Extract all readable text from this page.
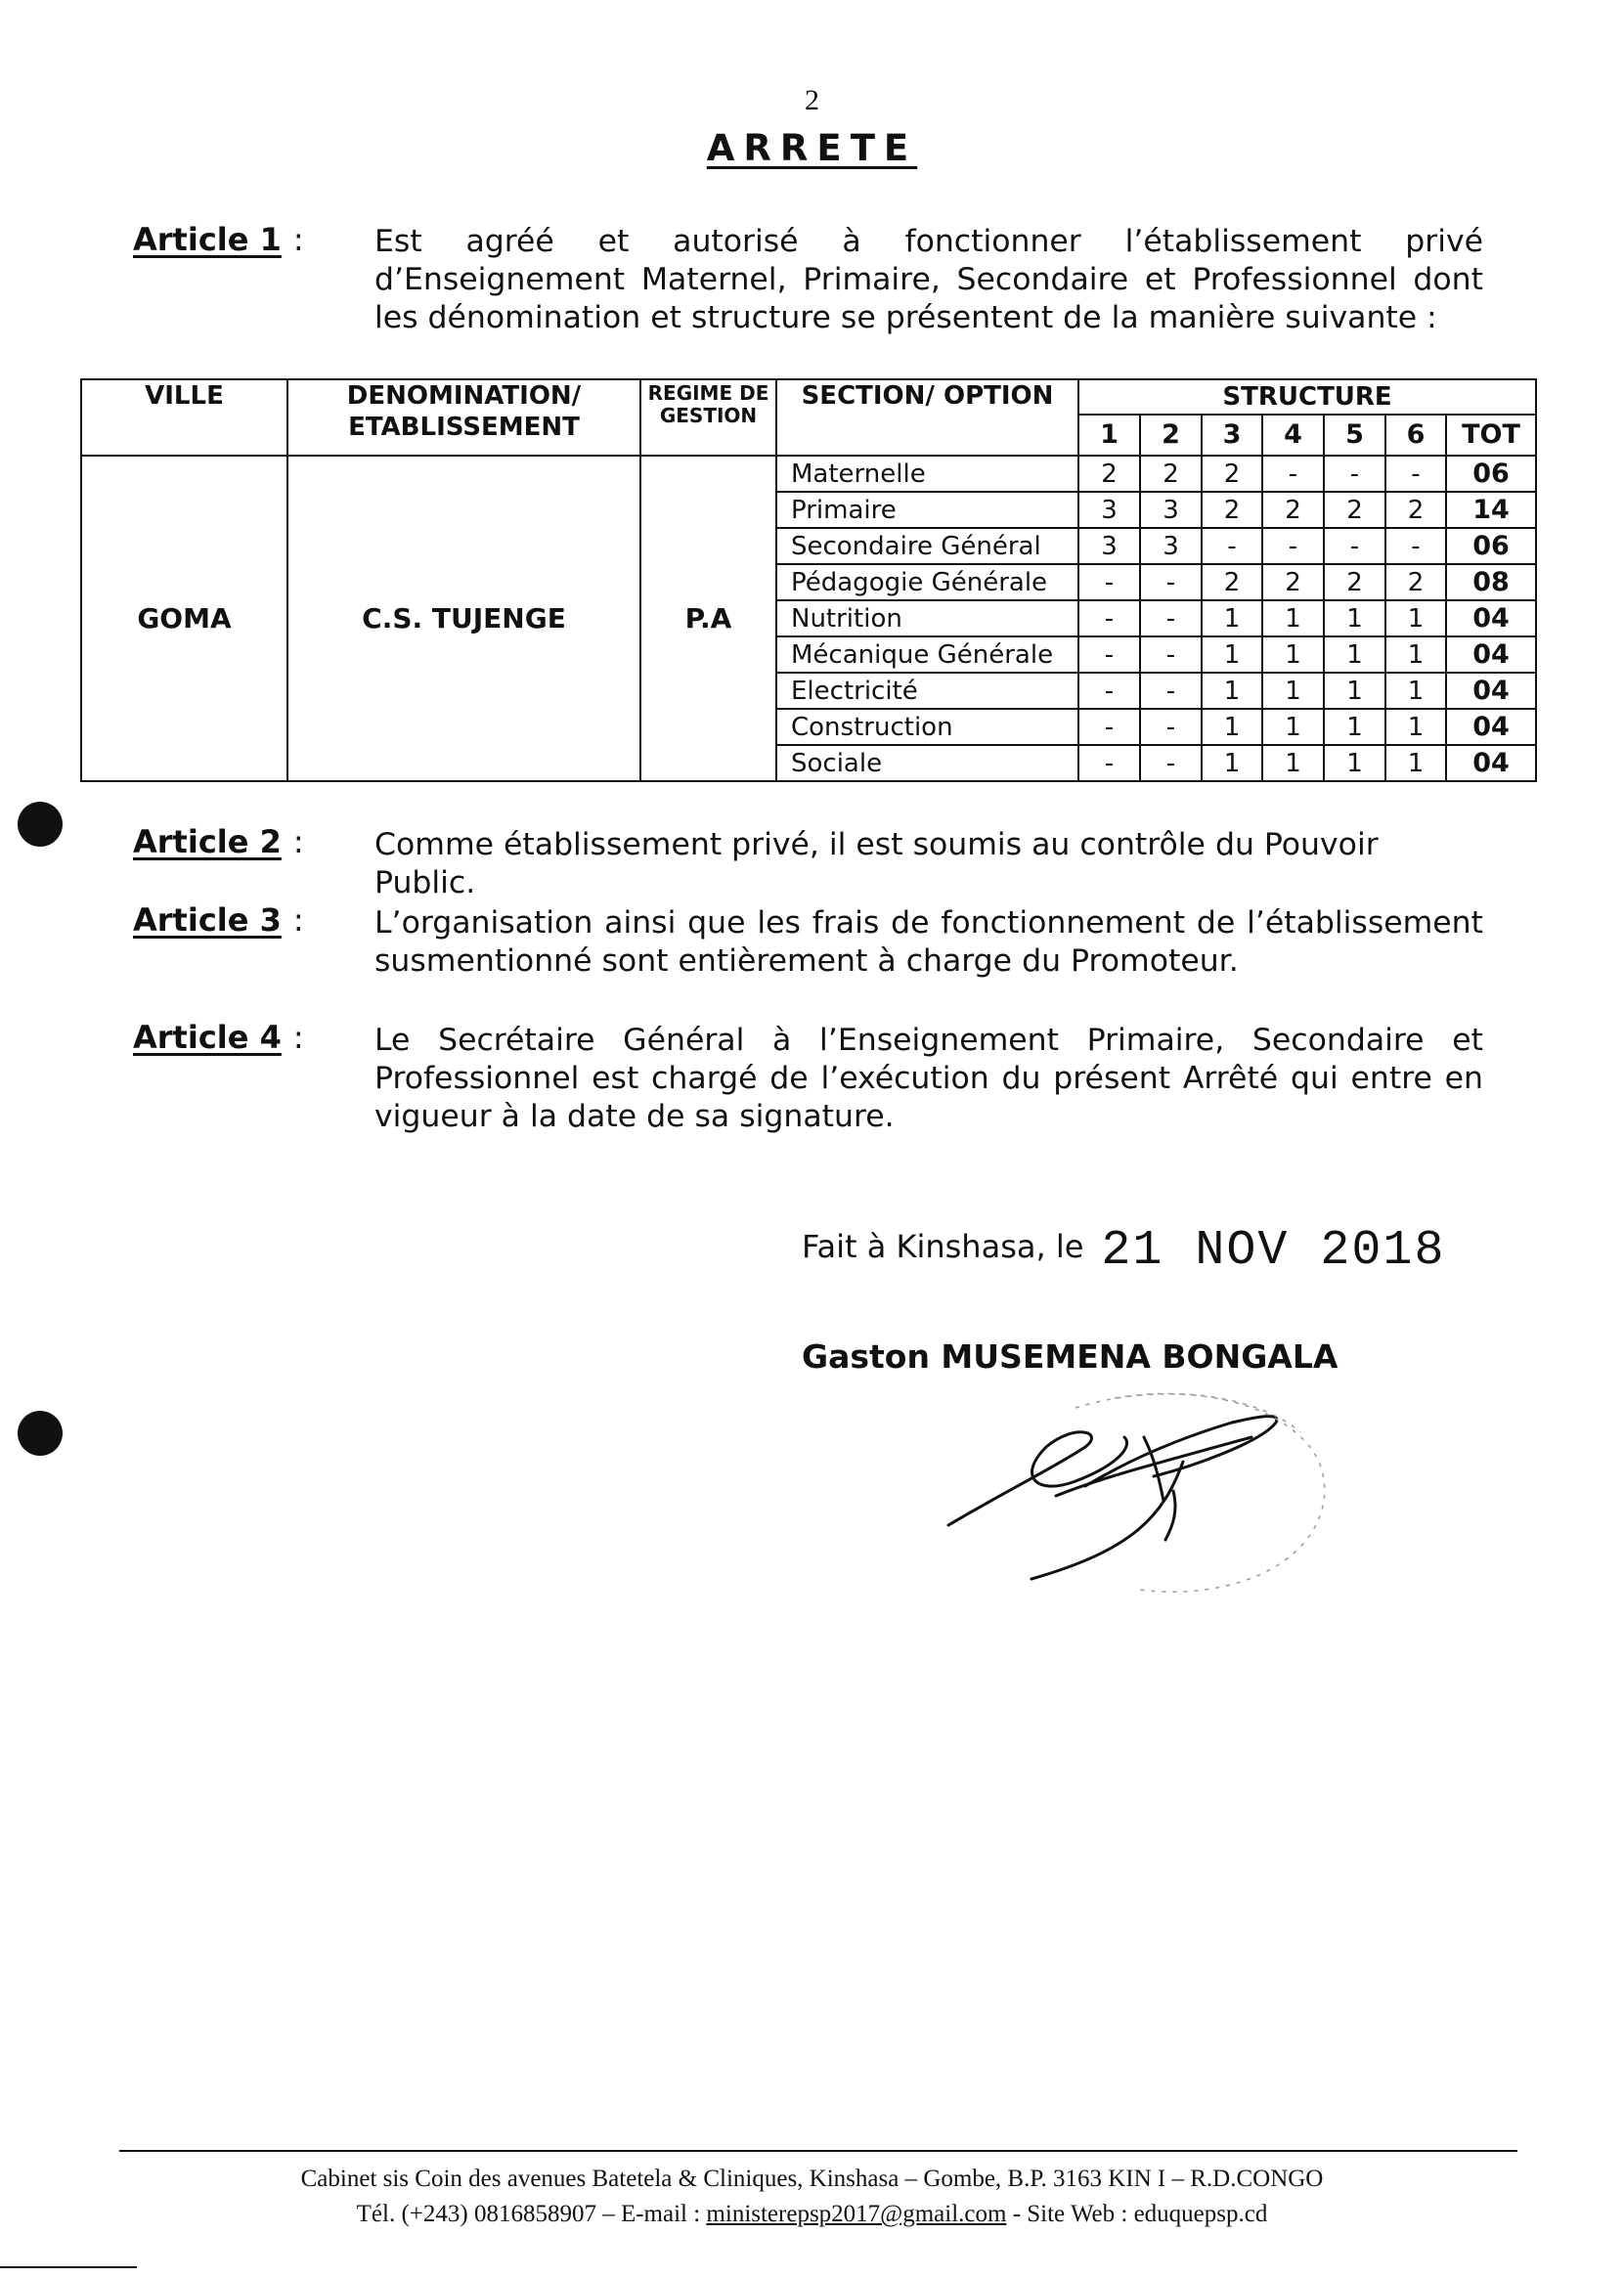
2
ARRETE
Article 1 : Est agréé et autorisé à fonctionner l’établissement privé d’Enseignement Maternel, Primaire, Secondaire et Professionnel dont les dénomination et structure se présentent de la manière suivante :
VILLE	DENOMINATION/ ETABLISSEMENT	REGIME DE GESTION	SECTION/ OPTION	STRUCTURE						
				1	2	3	4	5	6	TOT
GOMA	C.S. TUJENGE	P.A	Maternelle	2	2	2	-	-	-	06
			Primaire	3	3	2	2	2	2	14
			Secondaire Général	3	3	-	-	-	-	06
			Pédagogie Générale	-	-	2	2	2	2	08
			Nutrition	-	-	1	1	1	1	04
			Mécanique Générale	-	-	1	1	1	1	04
			Electricité	-	-	1	1	1	1	04
			Construction	-	-	1	1	1	1	04
			Sociale	-	-	1	1	1	1	04
Article 2 : Comme établissement privé, il est soumis au contrôle du Pouvoir Public.
Article 3 : L’organisation ainsi que les frais de fonctionnement de l’établissement susmentionné sont entièrement à charge du Promoteur.
Article 4 : Le Secrétaire Général à l’Enseignement Primaire, Secondaire et Professionnel est chargé de l’exécution du présent Arrêté qui entre en vigueur à la date de sa signature.
Fait à Kinshasa, le 21 NOV 2018
Gaston MUSEMENA BONGALA
Cabinet sis Coin des avenues Batetela & Cliniques, Kinshasa – Gombe, B.P. 3163 KIN I – R.D.CONGO
Tél. (+243) 0816858907 – E-mail : ministerepsp2017@gmail.com - Site Web : eduquepsp.cd
